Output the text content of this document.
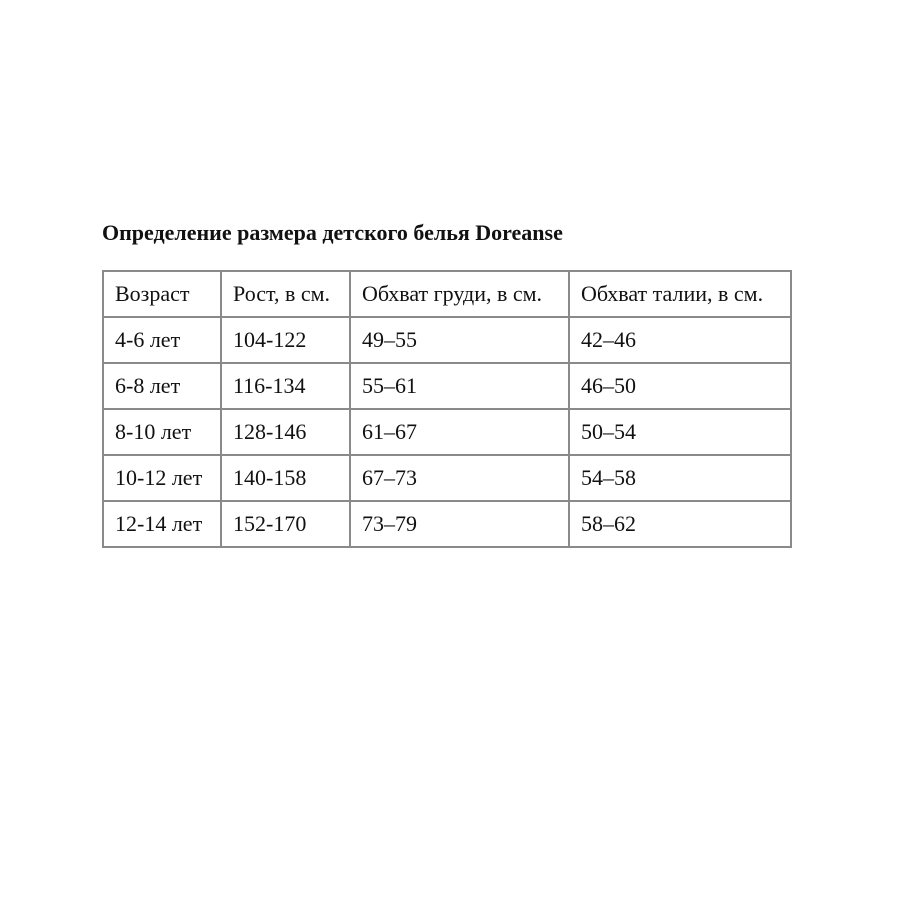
Определение размера детского белья Doreanse
Возраст	Рост, в см.	Обхват груди, в см.	Обхват талии, в см.
4-6 лет	104-122	49–55	42–46
6-8 лет	116-134	55–61	46–50
8-10 лет	128-146	61–67	50–54
10-12 лет	140-158	67–73	54–58
12-14 лет	152-170	73–79	58–62
